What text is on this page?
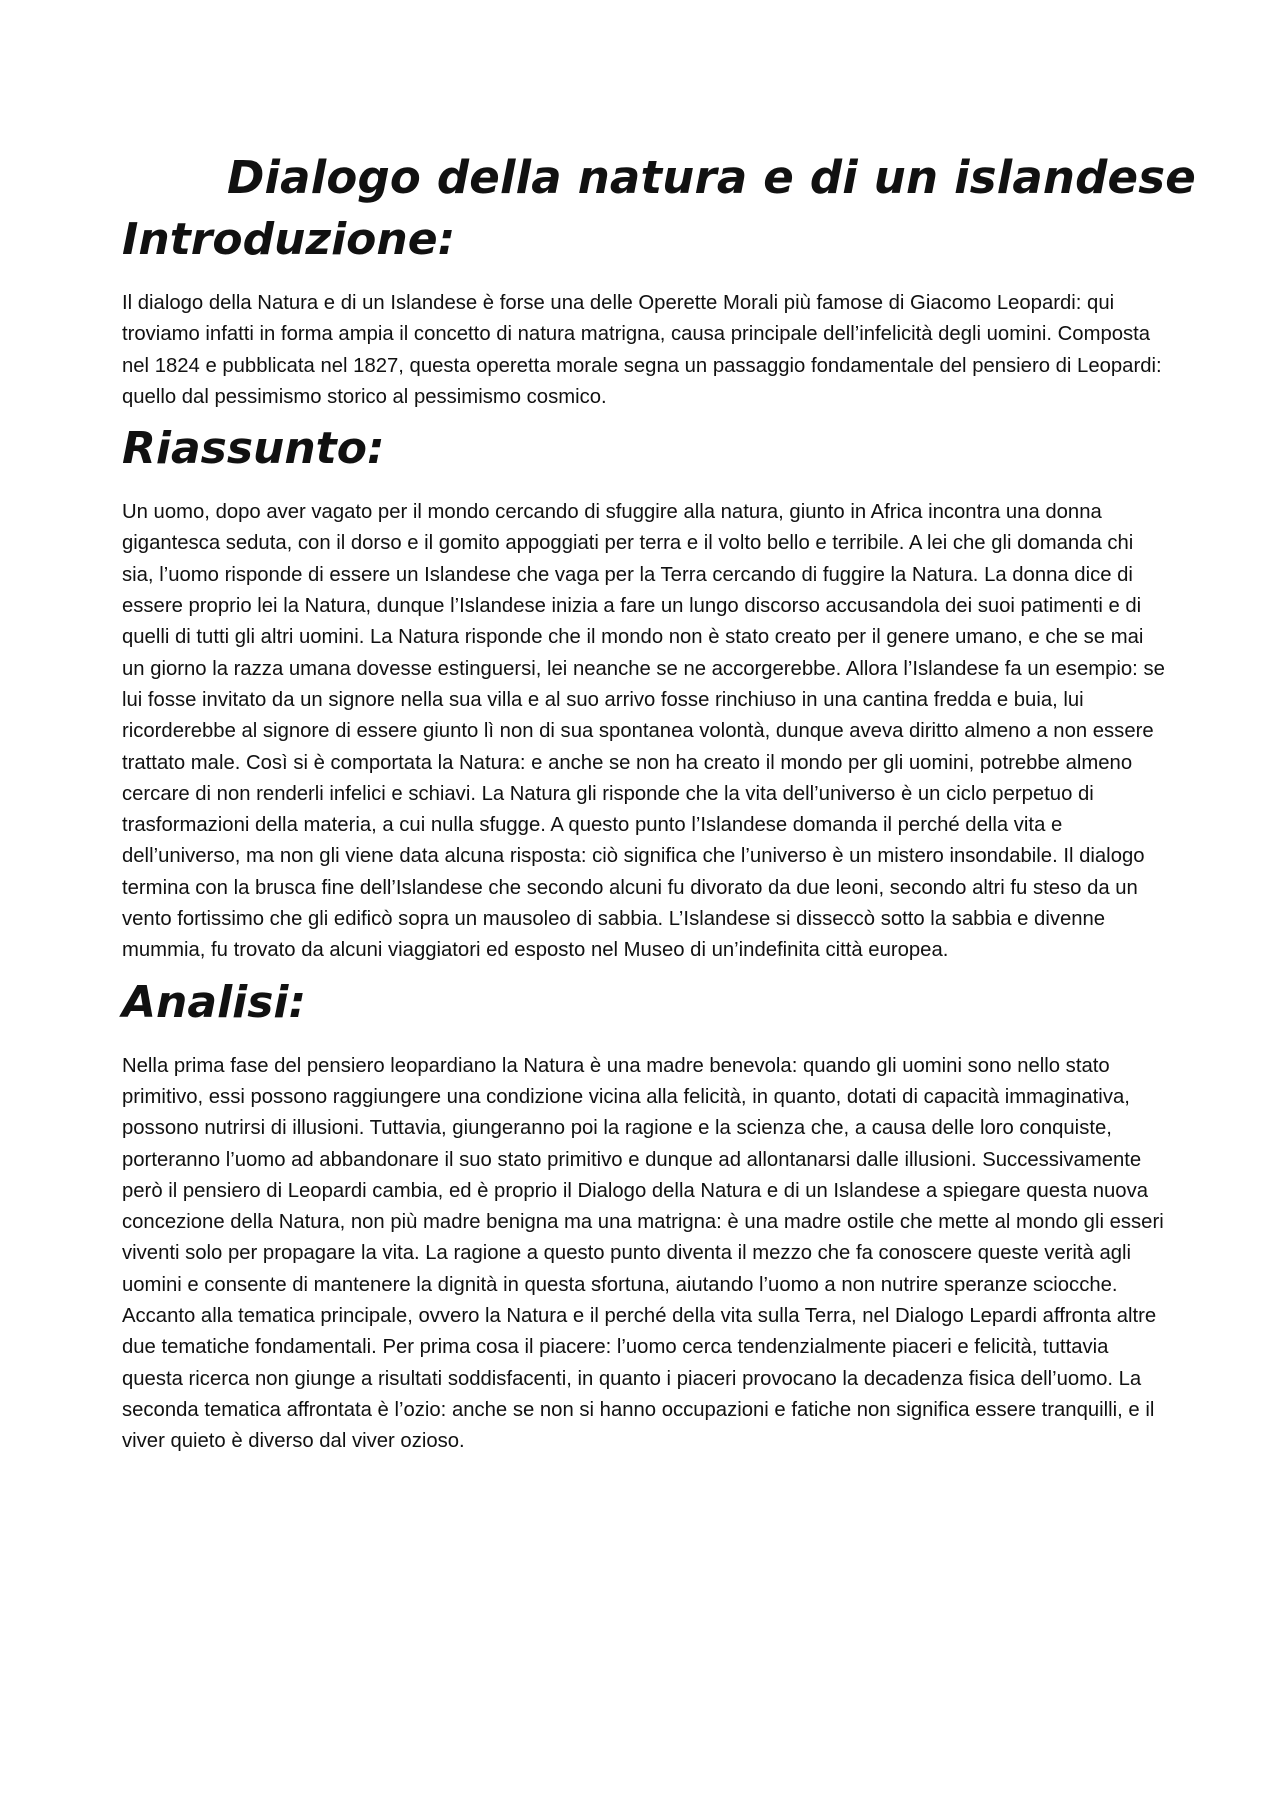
Dialogo della natura e di un islandese
Introduzione:

Il dialogo della Natura e di un Islandese è forse una delle Operette Morali più famose di Giacomo Leopardi: qui troviamo infatti in forma ampia il concetto di natura matrigna, causa principale dell’infelicità degli uomini. Composta nel 1824 e pubblicata nel 1827, questa operetta morale segna un passaggio fondamentale del pensiero di Leopardi: quello dal pessimismo storico al pessimismo cosmico.

Riassunto:

Un uomo, dopo aver vagato per il mondo cercando di sfuggire alla natura, giunto in Africa incontra una donna gigantesca seduta, con il dorso e il gomito appoggiati per terra e il volto bello e terribile. A lei che gli domanda chi sia, l’uomo risponde di essere un Islandese che vaga per la Terra cercando di fuggire la Natura. La donna dice di essere proprio lei la Natura, dunque l’Islandese inizia a fare un lungo discorso accusandola dei suoi patimenti e di quelli di tutti gli altri uomini. La Natura risponde che il mondo non è stato creato per il genere umano, e che se mai un giorno la razza umana dovesse estinguersi, lei neanche se ne accorgerebbe. Allora l’Islandese fa un esempio: se lui fosse invitato da un signore nella sua villa e al suo arrivo fosse rinchiuso in una cantina fredda e buia, lui ricorderebbe al signore di essere giunto lì non di sua spontanea volontà, dunque aveva diritto almeno a non essere trattato male. Così si è comportata la Natura: e anche se non ha creato il mondo per gli uomini, potrebbe almeno cercare di non renderli infelici e schiavi. La Natura gli risponde che la vita dell’universo è un ciclo perpetuo di trasformazioni della materia, a cui nulla sfugge. A questo punto l’Islandese domanda il perché della vita e dell’universo, ma non gli viene data alcuna risposta: ciò significa che l’universo è un mistero insondabile. Il dialogo termina con la brusca fine dell’Islandese che secondo alcuni fu divorato da due leoni, secondo altri fu steso da un vento fortissimo che gli edificò sopra un mausoleo di sabbia. L’Islandese si disseccò sotto la sabbia e divenne mummia, fu trovato da alcuni viaggiatori ed esposto nel Museo di un’indefinita città europea.

Analisi:

Nella prima fase del pensiero leopardiano la Natura è una madre benevola: quando gli uomini sono nello stato primitivo, essi possono raggiungere una condizione vicina alla felicità, in quanto, dotati di capacità immaginativa, possono nutrirsi di illusioni. Tuttavia, giungeranno poi la ragione e la scienza che, a causa delle loro conquiste, porteranno l’uomo ad abbandonare il suo stato primitivo e dunque ad allontanarsi dalle illusioni. Successivamente però il pensiero di Leopardi cambia, ed è proprio il Dialogo della Natura e di un Islandese a spiegare questa nuova concezione della Natura, non più madre benigna ma una matrigna: è una madre ostile che mette al mondo gli esseri viventi solo per propagare la vita. La ragione a questo punto diventa il mezzo che fa conoscere queste verità agli uomini e consente di mantenere la dignità in questa sfortuna, aiutando l’uomo a non nutrire speranze sciocche. Accanto alla tematica principale, ovvero la Natura e il perché della vita sulla Terra, nel Dialogo Lepardi affronta altre due tematiche fondamentali. Per prima cosa il piacere: l’uomo cerca tendenzialmente piaceri e felicità, tuttavia questa ricerca non giunge a risultati soddisfacenti, in quanto i piaceri provocano la decadenza fisica dell’uomo. La seconda tematica affrontata è l’ozio: anche se non si hanno occupazioni e fatiche non significa essere tranquilli, e il viver quieto è diverso dal viver ozioso.
